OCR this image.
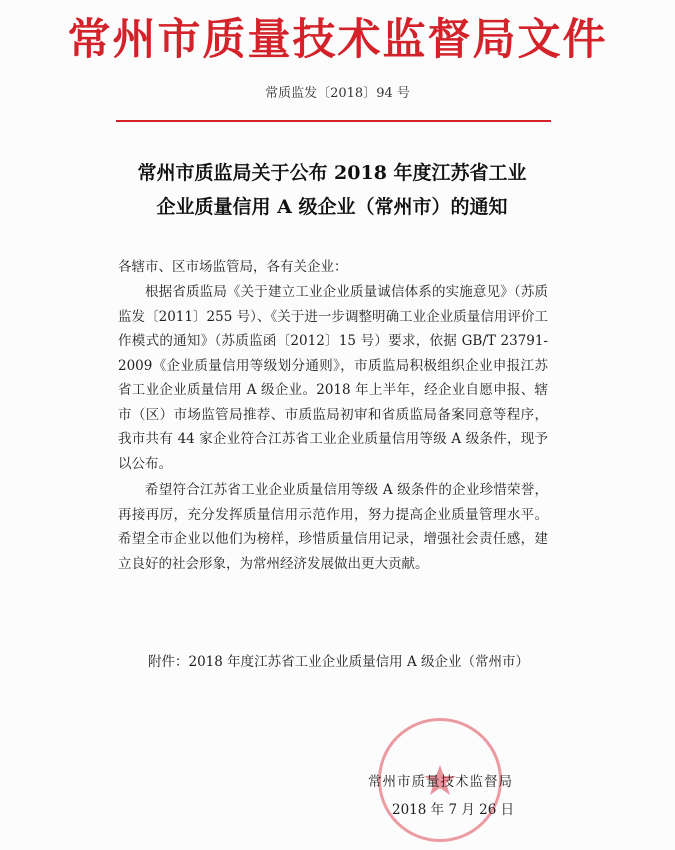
常州市质量技术监督局文件
常质监发〔2018〕94 号
常州市质监局关于公布 2018 年度江苏省工业
企业质量信用 A 级企业（常州市）的通知
各辖市、区市场监管局，各有关企业：

根据省质监局《关于建立工业企业质量诚信体系的实施意见》（苏质监发〔2011〕255 号）、《关于进一步调整明确工业企业质量信用评价工作模式的通知》（苏质监函〔2012〕15 号）要求，依据 GB/T 23791-2009《企业质量信用等级划分通则》，市质监局积极组织企业申报江苏省工业企业质量信用 A 级企业。2018 年上半年，经企业自愿申报、辖市（区）市场监管局推荐、市质监局初审和省质监局备案同意等程序，我市共有 44 家企业符合江苏省工业企业质量信用等级 A 级条件，现予以公布。

希望符合江苏省工业企业质量信用等级 A 级条件的企业珍惜荣誉，再接再厉，充分发挥质量信用示范作用，努力提高企业质量管理水平。希望全市企业以他们为榜样，珍惜质量信用记录，增强社会责任感，建立良好的社会形象，为常州经济发展做出更大贡献。

附件：2018 年度江苏省工业企业质量信用 A 级企业（常州市）
常州市质量技术监督局
2018 年 7 月 26 日
